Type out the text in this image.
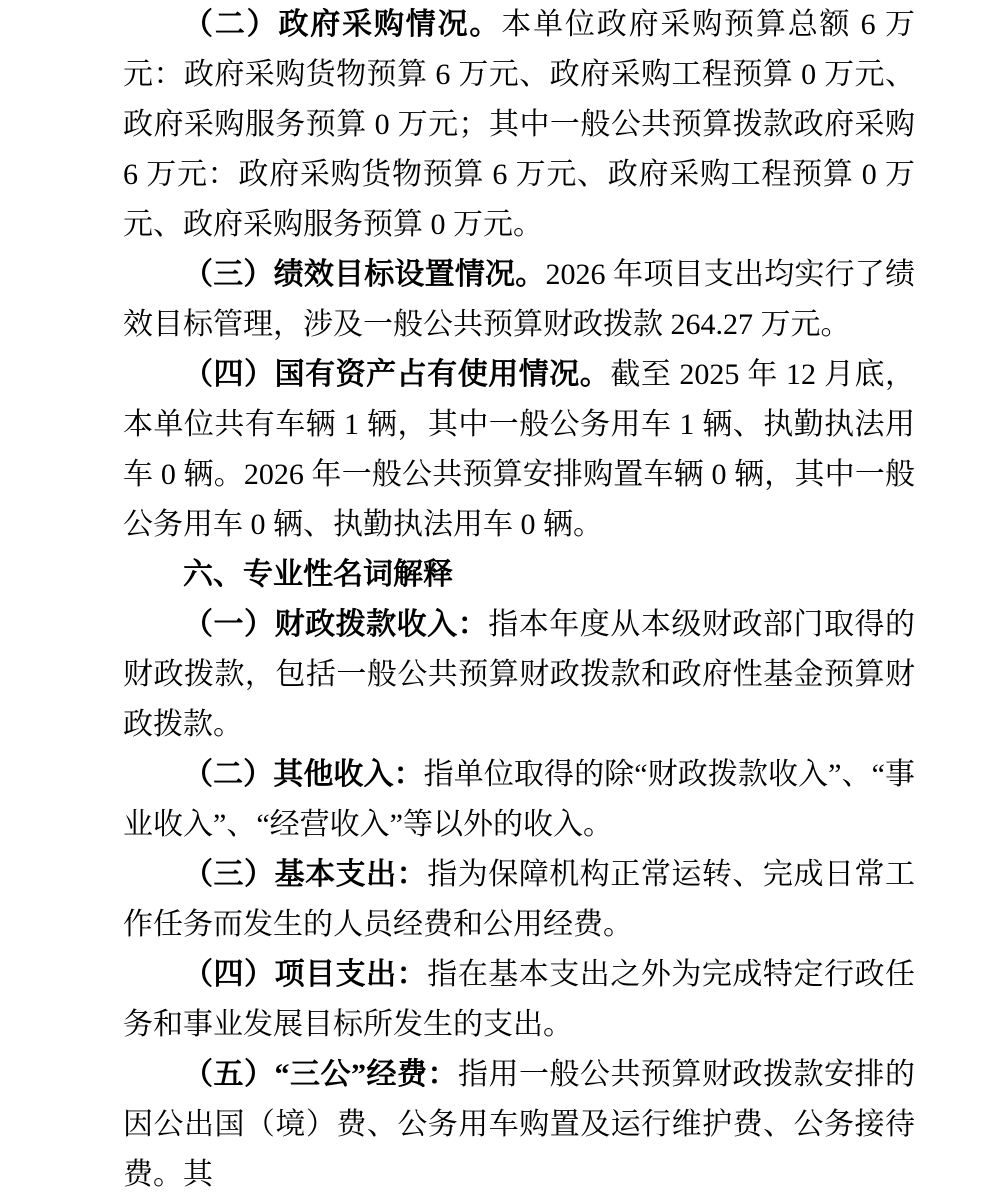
（二）政府采购情况。本单位政府采购预算总额 6 万元：政府采购货物预算 6 万元、政府采购工程预算 0 万元、政府采购服务预算 0 万元；其中一般公共预算拨款政府采购 6 万元：政府采购货物预算 6 万元、政府采购工程预算 0 万元、政府采购服务预算 0 万元。

（三）绩效目标设置情况。2026 年项目支出均实行了绩效目标管理，涉及一般公共预算财政拨款 264.27 万元。

（四）国有资产占有使用情况。截至 2025 年 12 月底，本单位共有车辆 1 辆，其中一般公务用车 1 辆、执勤执法用车 0 辆。2026 年一般公共预算安排购置车辆 0 辆，其中一般公务用车 0 辆、执勤执法用车 0 辆。

六、专业性名词解释

（一）财政拨款收入：指本年度从本级财政部门取得的财政拨款，包括一般公共预算财政拨款和政府性基金预算财政拨款。

（二）其他收入：指单位取得的除“财政拨款收入”、“事业收入”、“经营收入”等以外的收入。

（三）基本支出：指为保障机构正常运转、完成日常工作任务而发生的人员经费和公用经费。

（四）项目支出：指在基本支出之外为完成特定行政任务和事业发展目标所发生的支出。

（五）“三公”经费：指用一般公共预算财政拨款安排的因公出国（境）费、公务用车购置及运行维护费、公务接待费。其
